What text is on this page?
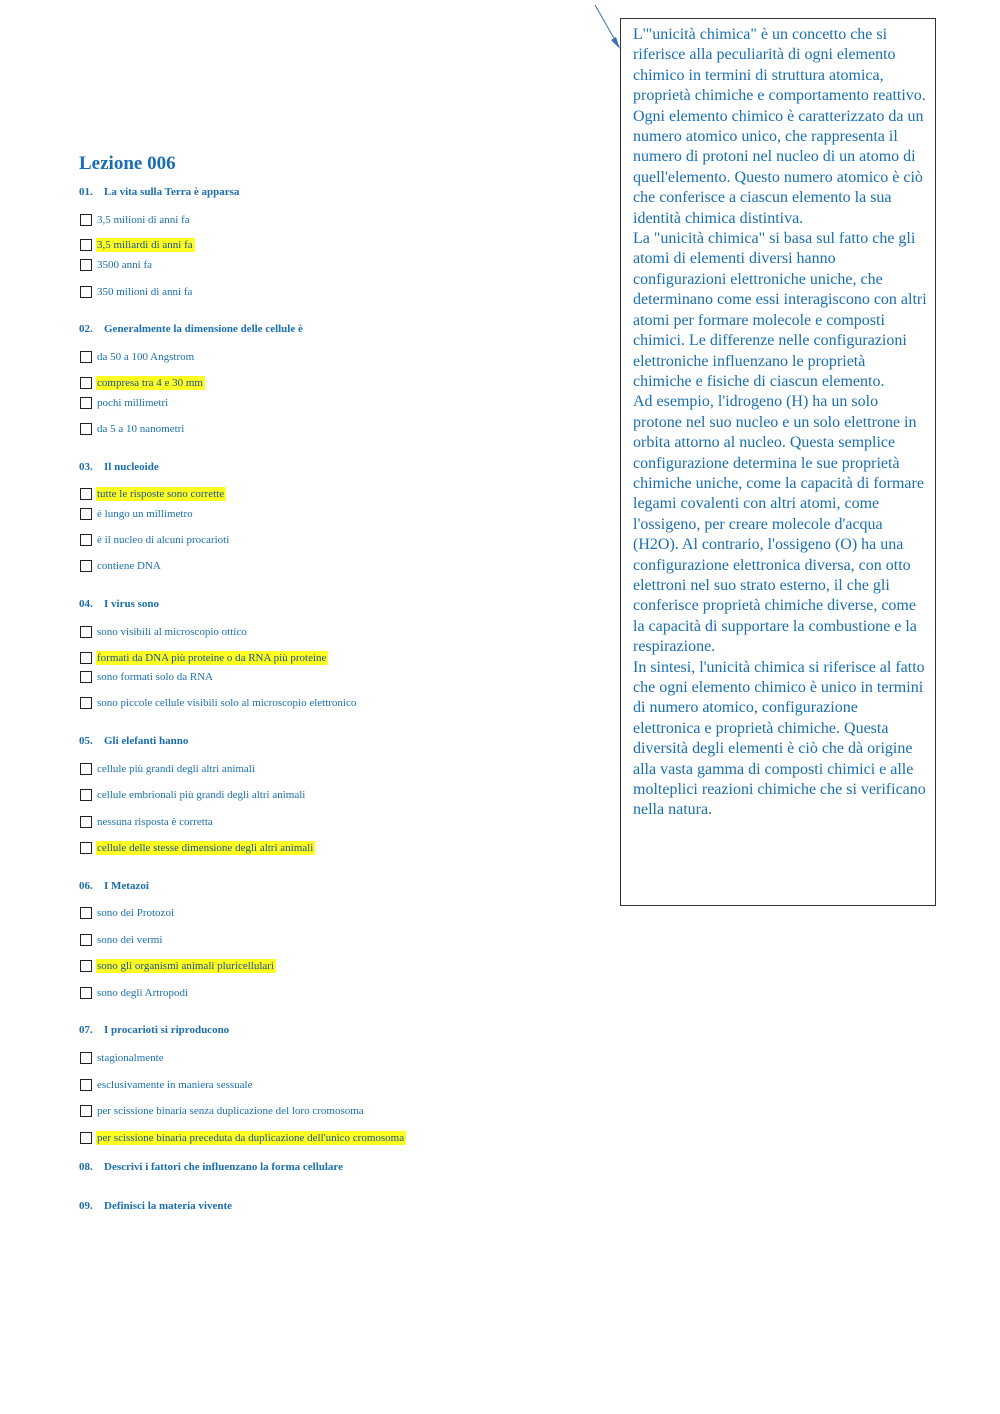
Lezione 006
01. La vita sulla Terra è apparsa
3,5 milioni di anni fa
3,5 miliardi di anni fa
3500 anni fa
350 milioni di anni fa
02. Generalmente la dimensione delle cellule è
da 50 a 100 Angstrom
compresa tra 4 e 30 mm
pochi millimetri
da 5 a 10 nanometri
03. Il nucleoide
tutte le risposte sono corrette
è lungo un millimetro
è il nucleo di alcuni procarioti
contiene DNA
04. I virus sono
sono visibili al microscopio ottico
formati da DNA più proteine o da RNA più proteine
sono formati solo da RNA
sono piccole cellule visibili solo al microscopio elettronico
05. Gli elefanti hanno
cellule più grandi degli altri animali
cellule embrionali più grandi degli altri animali
nessuna risposta è corretta
cellule delle stesse dimensione degli altri animali
06. I Metazoi
sono dei Protozoi
sono dei vermi
sono gli organismi animali pluricellulari
sono degli Artropodi
07. I procarioti si riproducono
stagionalmente
esclusivamente in maniera sessuale
per scissione binaria senza duplicazione del loro cromosoma
per scissione binaria preceduta da duplicazione dell'unico cromosoma
08. Descrivi i fattori che influenzano la forma cellulare
09. Definisci la materia vivente

L'"unicità chimica" è un concetto che si riferisce alla peculiarità di ogni elemento chimico in termini di struttura atomica, proprietà chimiche e comportamento reattivo. Ogni elemento chimico è caratterizzato da un numero atomico unico, che rappresenta il numero di protoni nel nucleo di un atomo di quell'elemento. Questo numero atomico è ciò che conferisce a ciascun elemento la sua identità chimica distintiva.

La "unicità chimica" si basa sul fatto che gli atomi di elementi diversi hanno configurazioni elettroniche uniche, che determinano come essi interagiscono con altri atomi per formare molecole e composti chimici. Le differenze nelle configurazioni elettroniche influenzano le proprietà chimiche e fisiche di ciascun elemento.

Ad esempio, l'idrogeno (H) ha un solo protone nel suo nucleo e un solo elettrone in orbita attorno al nucleo. Questa semplice configurazione determina le sue proprietà chimiche uniche, come la capacità di formare legami covalenti con altri atomi, come l'ossigeno, per creare molecole d'acqua (H2O). Al contrario, l'ossigeno (O) ha una configurazione elettronica diversa, con otto elettroni nel suo strato esterno, il che gli conferisce proprietà chimiche diverse, come la capacità di supportare la combustione e la respirazione.

In sintesi, l'unicità chimica si riferisce al fatto che ogni elemento chimico è unico in termini di numero atomico, configurazione elettronica e proprietà chimiche. Questa diversità degli elementi è ciò che dà origine alla vasta gamma di composti chimici e alle molteplici reazioni chimiche che si verificano nella natura.
